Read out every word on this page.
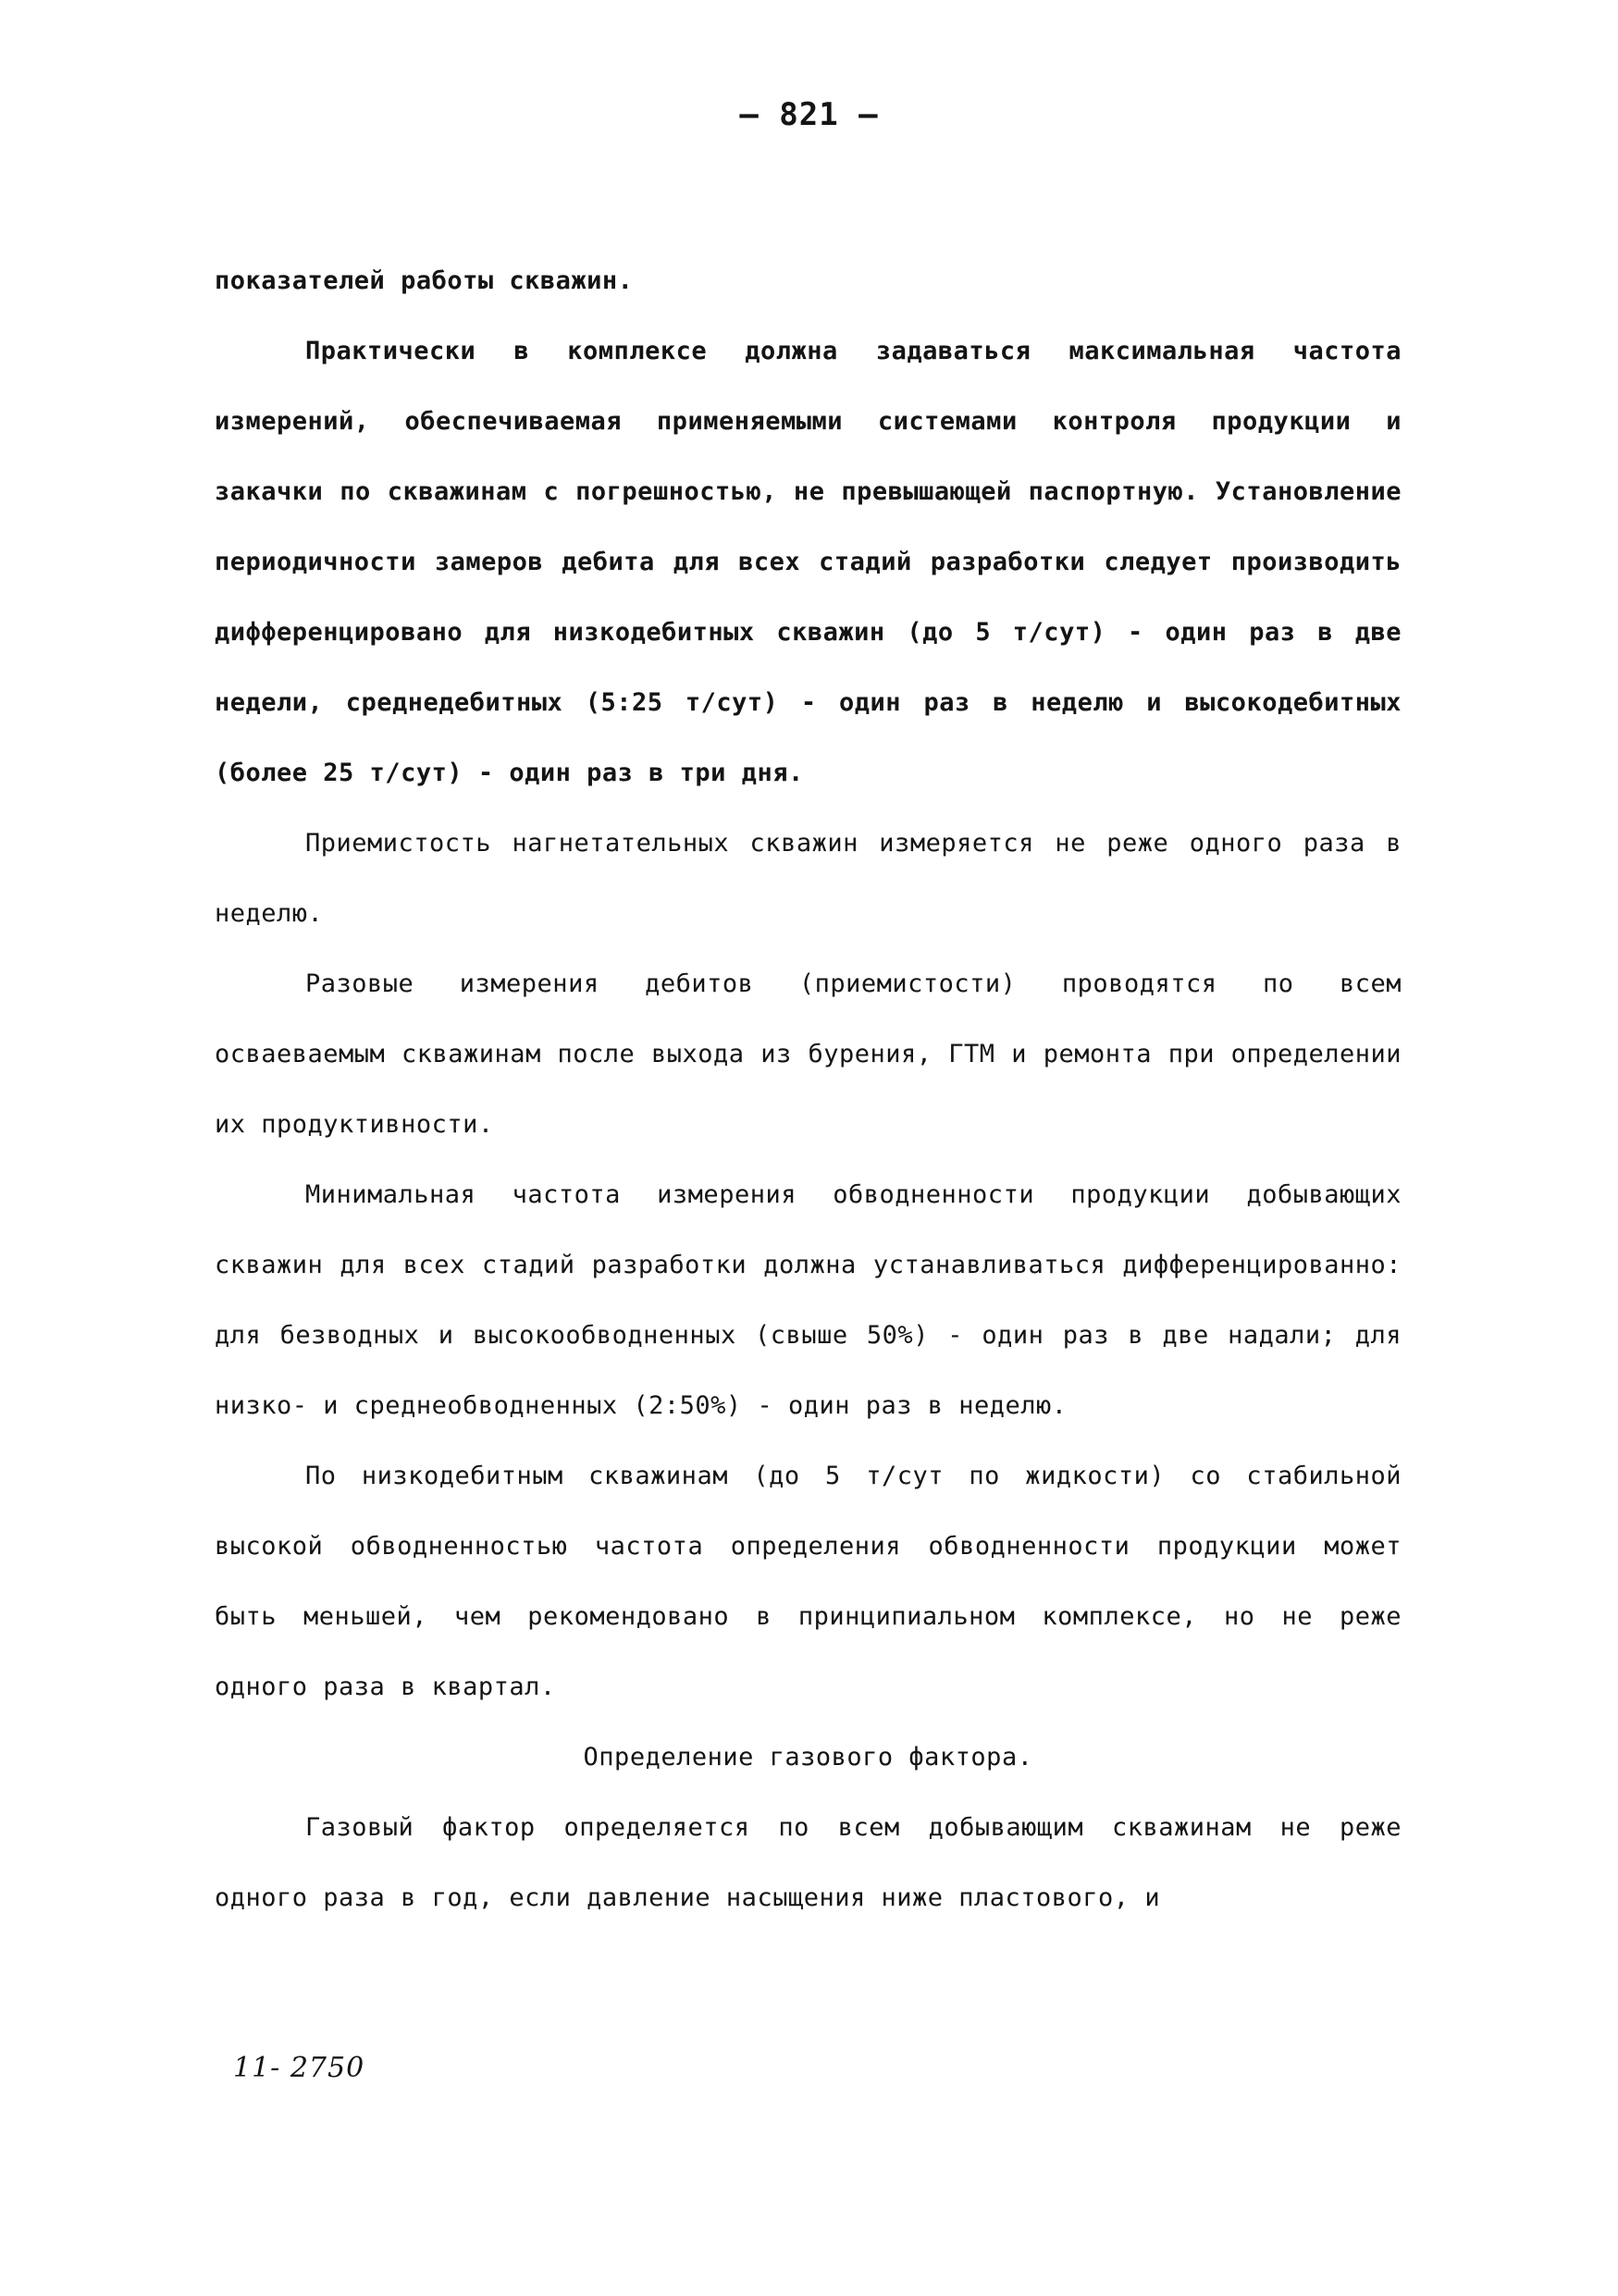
— 821 —

показателей работы скважин.

Практически в комплексе должна задаваться максимальная частота измерений, обеспечиваемая применяемыми системами контроля продукции и закачки по скважинам с погрешностью, не превышающей паспортную. Установление периодичности замеров дебита для всех стадий разработки следует производить дифференцировано для низкодебитных скважин (до 5 т/сут) - один раз в две недели, среднедебитных (5:25 т/сут) - один раз в неделю и высокодебитных (более 25 т/сут) - один раз в три дня.

Приемистость нагнетательных скважин измеряется не реже одного раза в неделю.

Разовые измерения дебитов (приемистости) проводятся по всем осваеваемым скважинам после выхода из бурения, ГТМ и ремонта при определении их продуктивности.

Минимальная частота измерения обводненности продукции добывающих скважин для всех стадий разработки должна устанавливаться дифференцированно: для безводных и высокообводненных (свыше 50%) - один раз в две надали; для низко- и среднеобводненных (2:50%) - один раз в неделю.

По низкодебитным скважинам (до 5 т/сут по жидкости) со стабильной высокой обводненностью частота определения обводненности продукции может быть меньшей, чем рекомендовано в принципиальном комплексе, но не реже одного раза в квартал.

Определение газового фактора.

Газовый фактор определяется по всем добывающим скважинам не реже одного раза в год, если давление насыщения ниже пластового, и

11- 2750
